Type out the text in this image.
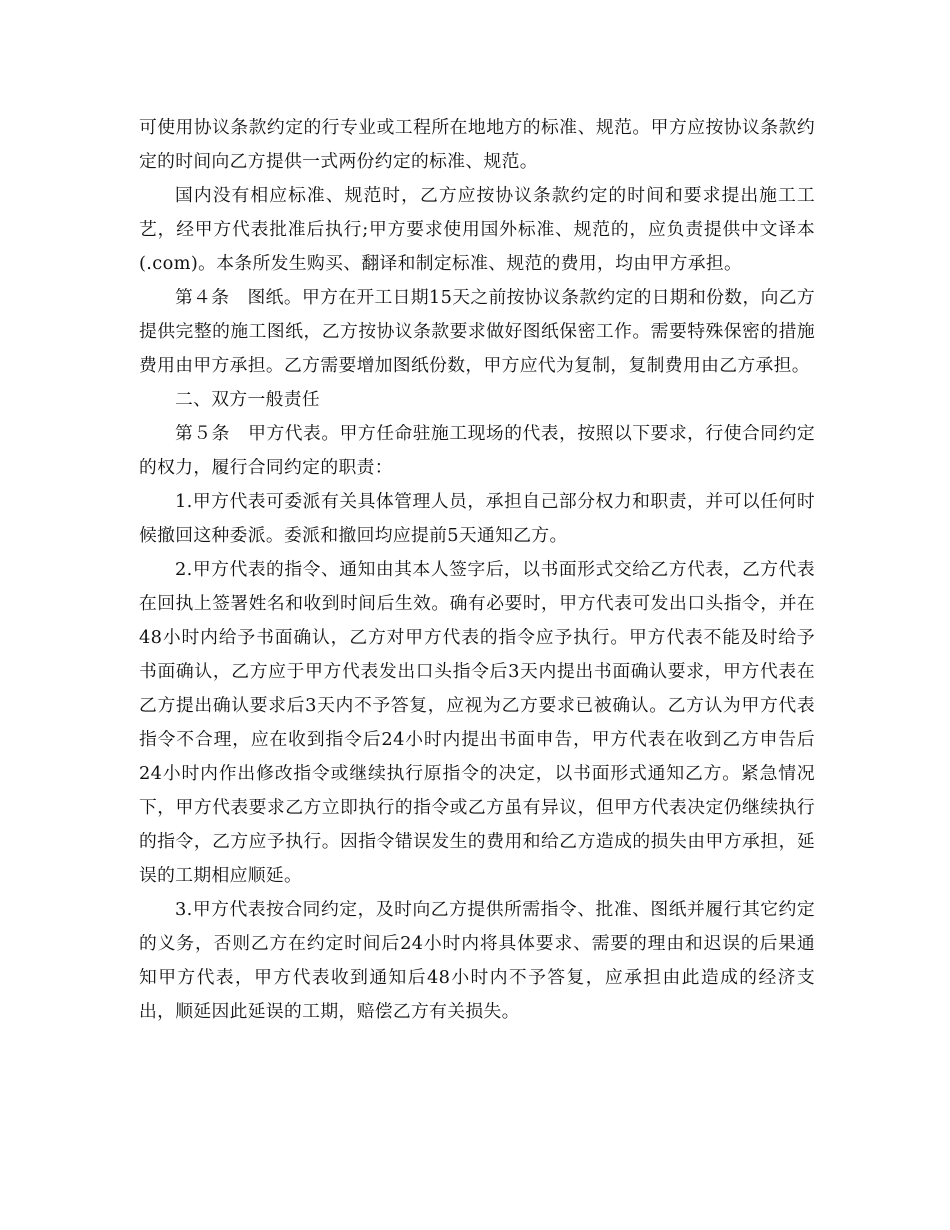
可使用协议条款约定的行专业或工程所在地地方的标准、规范。甲方应按协议条款约定的时间向乙方提供一式两份约定的标准、规范。

国内没有相应标准、规范时，乙方应按协议条款约定的时间和要求提出施工工艺，经甲方代表批准后执行;甲方要求使用国外标准、规范的，应负责提供中文译本(.com)。本条所发生购买、翻译和制定标准、规范的费用，均由甲方承担。

第４条　图纸。甲方在开工日期15天之前按协议条款约定的日期和份数，向乙方提供完整的施工图纸，乙方按协议条款要求做好图纸保密工作。需要特殊保密的措施费用由甲方承担。乙方需要增加图纸份数，甲方应代为复制，复制费用由乙方承担。

二、双方一般责任

第５条　甲方代表。甲方任命驻施工现场的代表，按照以下要求，行使合同约定的权力，履行合同约定的职责：

1.甲方代表可委派有关具体管理人员，承担自己部分权力和职责，并可以任何时候撤回这种委派。委派和撤回均应提前5天通知乙方。

2.甲方代表的指令、通知由其本人签字后，以书面形式交给乙方代表，乙方代表在回执上签署姓名和收到时间后生效。确有必要时，甲方代表可发出口头指令，并在48小时内给予书面确认，乙方对甲方代表的指令应予执行。甲方代表不能及时给予书面确认，乙方应于甲方代表发出口头指令后3天内提出书面确认要求，甲方代表在乙方提出确认要求后3天内不予答复，应视为乙方要求已被确认。乙方认为甲方代表指令不合理，应在收到指令后24小时内提出书面申告，甲方代表在收到乙方申告后24小时内作出修改指令或继续执行原指令的决定，以书面形式通知乙方。紧急情况下，甲方代表要求乙方立即执行的指令或乙方虽有异议，但甲方代表决定仍继续执行的指令，乙方应予执行。因指令错误发生的费用和给乙方造成的损失由甲方承担，延误的工期相应顺延。

3.甲方代表按合同约定，及时向乙方提供所需指令、批准、图纸并履行其它约定的义务，否则乙方在约定时间后24小时内将具体要求、需要的理由和迟误的后果通知甲方代表，甲方代表收到通知后48小时内不予答复，应承担由此造成的经济支出，顺延因此延误的工期，赔偿乙方有关损失。
